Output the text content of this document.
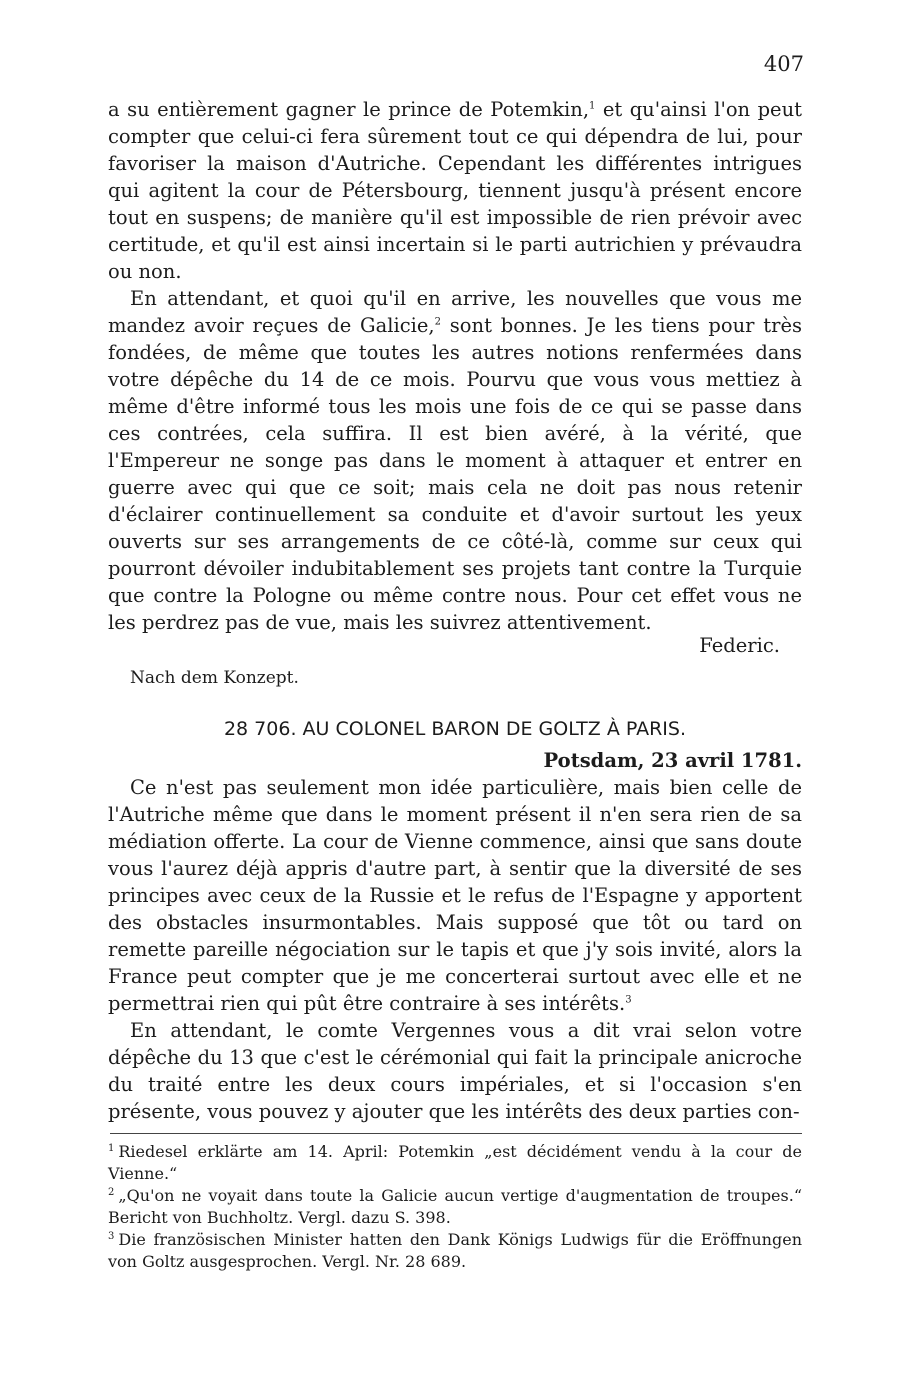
407

a su entièrement gagner le prince de Potemkin,$^1$ et qu'ainsi l'on peut compter que celui-ci fera sûrement tout ce qui dépendra de lui, pour favoriser la maison d'Autriche. Cependant les différentes intrigues qui agitent la cour de Pétersbourg, tiennent jusqu'à présent encore tout en suspens; de manière qu'il est impossible de rien prévoir avec certitude, et qu'il est ainsi incertain si le parti autrichien y prévaudra ou non.

En attendant, et quoi qu'il en arrive, les nouvelles que vous me mandez avoir reçues de Galicie,$^2$ sont bonnes. Je les tiens pour très fondées, de même que toutes les autres notions renfermées dans votre dépêche du 14 de ce mois. Pourvu que vous vous mettiez à même d'être informé tous les mois une fois de ce qui se passe dans ces contrées, cela suffira. Il est bien avéré, à la vérité, que l'Empereur ne songe pas dans le moment à attaquer et entrer en guerre avec qui que ce soit; mais cela ne doit pas nous retenir d'éclairer continuellement sa conduite et d'avoir surtout les yeux ouverts sur ses arrangements de ce côté-là, comme sur ceux qui pourront dévoiler indubitablement ses projets tant contre la Turquie que contre la Pologne ou même contre nous. Pour cet effet vous ne les perdrez pas de vue, mais les suivrez attentivement.

Federic.
Nach dem Konzept.
28 706. AU COLONEL BARON DE GOLTZ À PARIS.
Potsdam, 23 avril 1781.

Ce n'est pas seulement mon idée particulière, mais bien celle de l'Autriche même que dans le moment présent il n'en sera rien de sa médiation offerte. La cour de Vienne commence, ainsi que sans doute vous l'aurez déjà appris d'autre part, à sentir que la diversité de ses principes avec ceux de la Russie et le refus de l'Espagne y apportent des obstacles insurmontables. Mais supposé que tôt ou tard on remette pareille négociation sur le tapis et que j'y sois invité, alors la France peut compter que je me concerterai surtout avec elle et ne permettrai rien qui pût être contraire à ses intérêts.$^3$

En attendant, le comte Vergennes vous a dit vrai selon votre dépêche du 13 que c'est le cérémonial qui fait la principale anicroche du traité entre les deux cours impériales, et si l'occasion s'en présente, vous pouvez y ajouter que les intérêts des deux parties con-

$^1$ Riedesel erklärte am 14. April: Potemkin „est décidément vendu à la cour de Vienne.“

$^2$ „Qu'on ne voyait dans toute la Galicie aucun vertige d'augmentation de troupes.“ Bericht von Buchholtz. Vergl. dazu S. 398.

$^3$ Die französischen Minister hatten den Dank Königs Ludwigs für die Eröffnungen von Goltz ausgesprochen. Vergl. Nr. 28 689.
